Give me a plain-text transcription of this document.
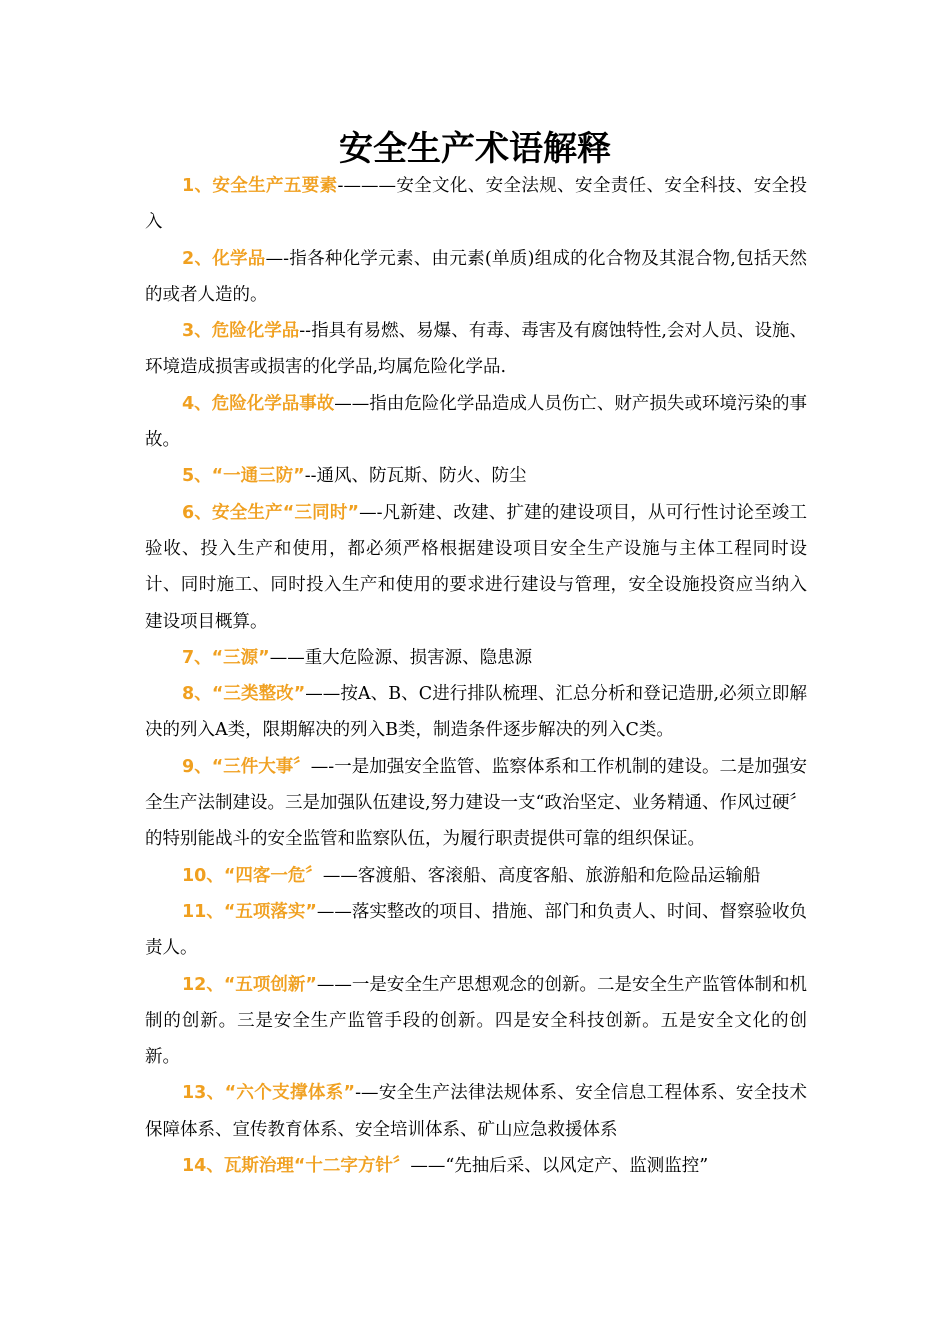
安全生产术语解释

1、安全生产五要素-———安全文化、安全法规、安全责任、安全科技、安全投入

2、化学品—-指各种化学元素、由元素(单质)组成的化合物及其混合物,包括天然的或者人造的。

3、危险化学品--指具有易燃、易爆、有毒、毒害及有腐蚀特性,会对人员、设施、环境造成损害或损害的化学品,均属危险化学品.

4、危险化学品事故——指由危险化学品造成人员伤亡、财产损失或环境污染的事故。

5、“一通三防”--通风、防瓦斯、防火、防尘

6、安全生产“三同时”—-凡新建、改建、扩建的建设项目，从可行性讨论至竣工验收、投入生产和使用，都必须严格根据建设项目安全生产设施与主体工程同时设计、同时施工、同时投入生产和使用的要求进行建设与管理，安全设施投资应当纳入建设项目概算。

7、“三源”——重大危险源、损害源、隐患源

8、“三类整改”——按A、B、C进行排队梳理、汇总分析和登记造册,必须立即解决的列入A类，限期解决的列入B类，制造条件逐步解决的列入C类。

9、“三件大事〞—-一是加强安全监管、监察体系和工作机制的建设。二是加强安全生产法制建设。三是加强队伍建设,努力建设一支“政治坚定、业务精通、作风过硬〞的特别能战斗的安全监管和监察队伍，为履行职责提供可靠的组织保证。

10、“四客一危〞——客渡船、客滚船、高度客船、旅游船和危险品运输船

11、“五项落实”——落实整改的项目、措施、部门和负责人、时间、督察验收负责人。

12、“五项创新”——一是安全生产思想观念的创新。二是安全生产监管体制和机制的创新。三是安全生产监管手段的创新。四是安全科技创新。五是安全文化的创新。

13、“六个支撑体系”-—安全生产法律法规体系、安全信息工程体系、安全技术保障体系、宣传教育体系、安全培训体系、矿山应急救援体系

14、瓦斯治理“十二字方针〞——“先抽后采、以风定产、监测监控”
